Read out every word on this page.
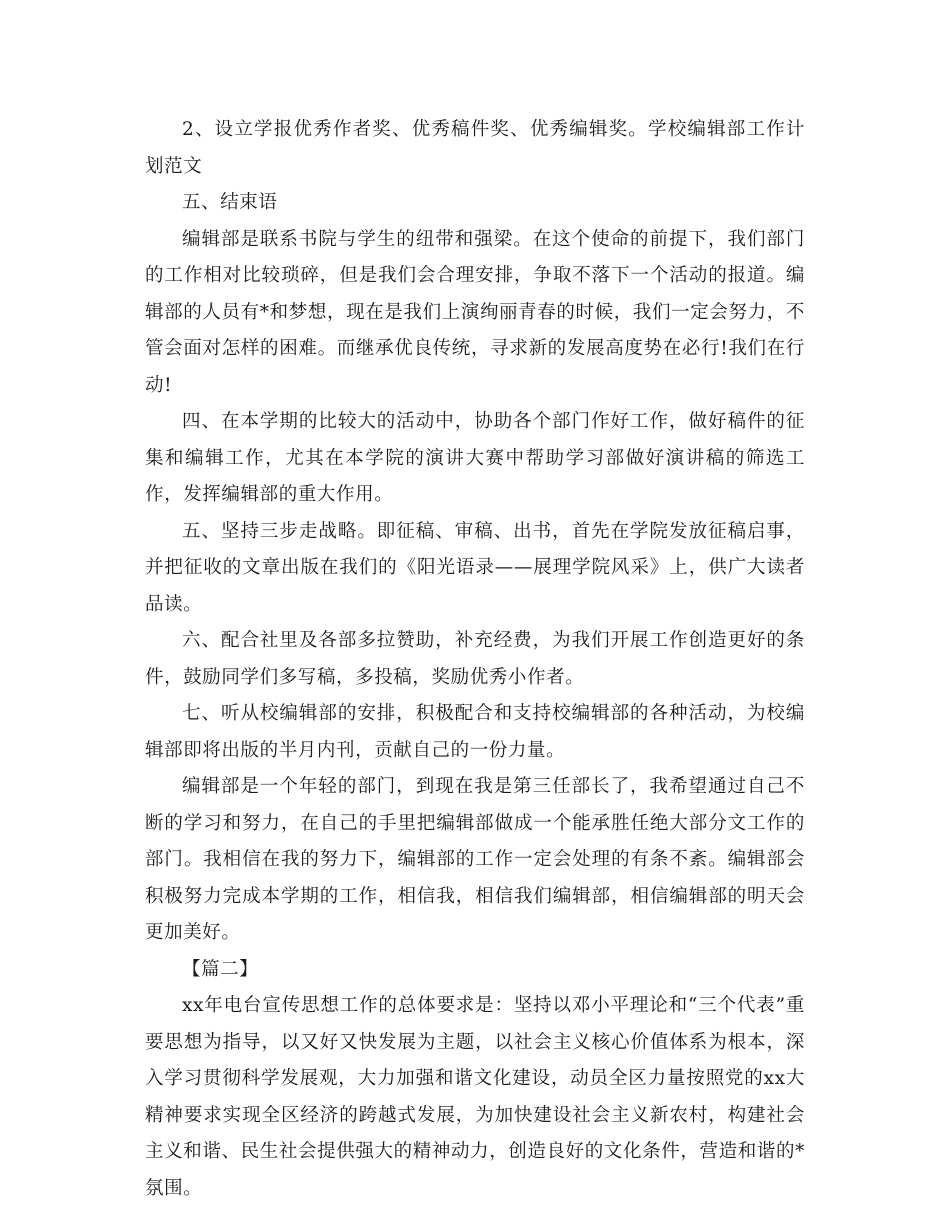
2、设立学报优秀作者奖、优秀稿件奖、优秀编辑奖。学校编辑部工作计划范文

五、结束语

编辑部是联系书院与学生的纽带和强梁。在这个使命的前提下，我们部门的工作相对比较琐碎，但是我们会合理安排，争取不落下一个活动的报道。编辑部的人员有*和梦想，现在是我们上演绚丽青春的时候，我们一定会努力，不管会面对怎样的困难。而继承优良传统，寻求新的发展高度势在必行!我们在行动!

四、在本学期的比较大的活动中，协助各个部门作好工作，做好稿件的征集和编辑工作，尤其在本学院的演讲大赛中帮助学习部做好演讲稿的筛选工作，发挥编辑部的重大作用。

五、坚持三步走战略。即征稿、审稿、出书，首先在学院发放征稿启事，并把征收的文章出版在我们的《阳光语录——展理学院风采》上，供广大读者品读。

六、配合社里及各部多拉赞助，补充经费，为我们开展工作创造更好的条件，鼓励同学们多写稿，多投稿，奖励优秀小作者。

七、听从校编辑部的安排，积极配合和支持校编辑部的各种活动，为校编辑部即将出版的半月内刊，贡献自己的一份力量。

编辑部是一个年轻的部门，到现在我是第三任部长了，我希望通过自己不断的学习和努力，在自己的手里把编辑部做成一个能承胜任绝大部分文工作的部门。我相信在我的努力下，编辑部的工作一定会处理的有条不紊。编辑部会积极努力完成本学期的工作，相信我，相信我们编辑部，相信编辑部的明天会更加美好。

【篇二】

xx年电台宣传思想工作的总体要求是：坚持以邓小平理论和“三个代表”重要思想为指导，以又好又快发展为主题，以社会主义核心价值体系为根本，深入学习贯彻科学发展观，大力加强和谐文化建设，动员全区力量按照党的xx大精神要求实现全区经济的跨越式发展，为加快建设社会主义新农村，构建社会主义和谐、民生社会提供强大的精神动力，创造良好的文化条件，营造和谐的*氛围。
